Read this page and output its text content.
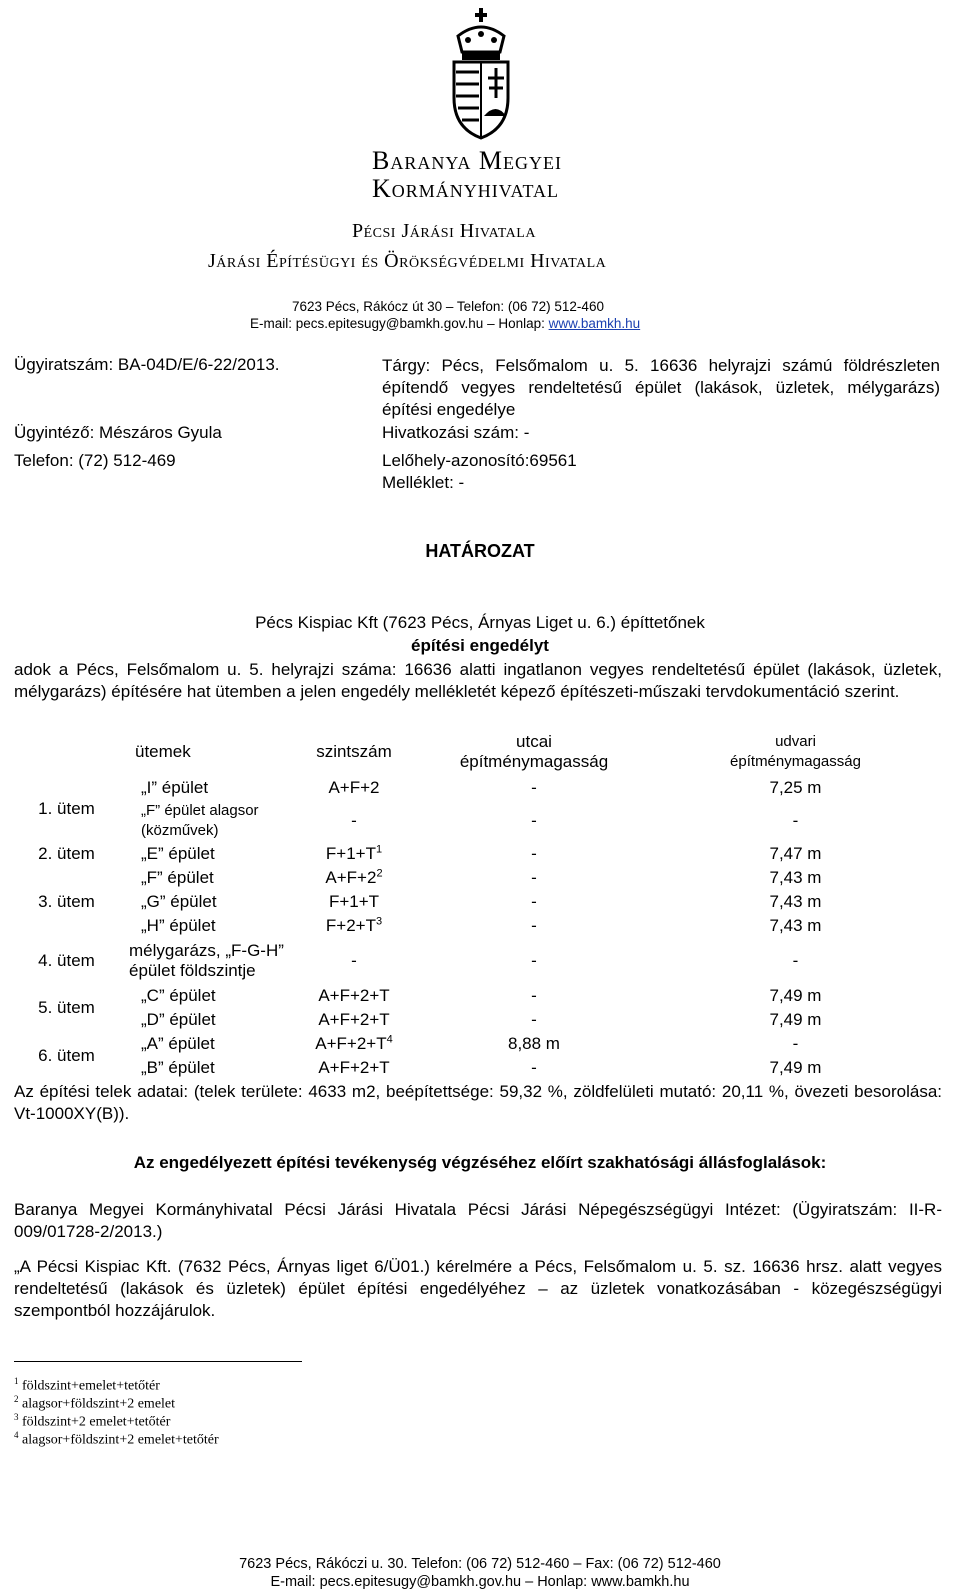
Baranya Megyei
Kormányhivatal
Pécsi Járási Hivatala
Járási Építésügyi és Örökségvédelmi Hivatala
7623 Pécs, Rákócz út 30 – Telefon: (06 72) 512-460
E-mail: pecs.epitesugy@bamkh.gov.hu – Honlap: www.bamkh.hu
Ügyiratszám: BA-04D/E/6-22/2013.
Ügyintéző: Mészáros Gyula
Telefon: (72) 512-469
Tárgy: Pécs, Felsőmalom u. 5. 16636 helyrajzi számú földrészleten építendő vegyes rendeltetésű épület (lakások, üzletek, mélygarázs) építési engedélye
Hivatkozási szám: -
Lelőhely-azonosító:69561
Melléklet: -
HATÁROZAT
Pécs Kispiac Kft (7623 Pécs, Árnyas Liget u. 6.) építtetőnek
építési engedélyt
adok a Pécs, Felsőmalom u. 5. helyrajzi száma: 16636 alatti ingatlanon vegyes rendeltetésű épület (lakások, üzletek, mélygarázs) építésére hat ütemben a jelen engedély mellékletét képező építészeti-műszaki tervdokumentáció szerint.
	ütemek	szintszám	utcai
építménymagasság	udvari
építménymagasság
1. ütem	„I” épület	A+F+2	-	7,25 m
	„F” épület alagsor
(közművek)	-	-	-
2. ütem	„E” épület	$F+1+T^1$	-	7,47 m
3. ütem	„F” épület	$A+F+2^2$	-	7,43 m
	„G” épület	F+1+T	-	7,43 m
	„H” épület	$F+2+T^3$	-	7,43 m
4. ütem	mélygarázs, „F-G-H”
épület földszintje	-	-	-
5. ütem	„C” épület	A+F+2+T	-	7,49 m
	„D” épület	A+F+2+T	-	7,49 m
6. ütem	„A” épület	$A+F+2+T^4$	8,88 m	-
	„B” épület	A+F+2+T	-	7,49 m
Az építési telek adatai: (telek területe: 4633 m2, beépítettsége: 59,32 %, zöldfelületi mutató: 20,11 %, övezeti besorolása: Vt-1000XY(B)).
Az engedélyezett építési tevékenység végzéséhez előírt szakhatósági állásfoglalások:
Baranya Megyei Kormányhivatal Pécsi Járási Hivatala Pécsi Járási Népegészségügyi Intézet: (Ügyiratszám: II-R-009/01728-2/2013.)
„A Pécsi Kispiac Kft. (7632 Pécs, Árnyas liget 6/Ü01.) kérelmére a Pécs, Felsőmalom u. 5. sz. 16636 hrsz. alatt vegyes rendeltetésű (lakások és üzletek) épület építési engedélyéhez – az üzletek vonatkozásában - közegészségügyi szempontból hozzájárulok.
$^1$ földszint+emelet+tetőtér
$^2$ alagsor+földszint+2 emelet
$^3$ földszint+2 emelet+tetőtér
$^4$ alagsor+földszint+2 emelet+tetőtér
7623 Pécs, Rákóczi u. 30. Telefon: (06 72) 512-460 – Fax: (06 72) 512-460
E-mail: pecs.epitesugy@bamkh.gov.hu – Honlap: www.bamkh.hu
